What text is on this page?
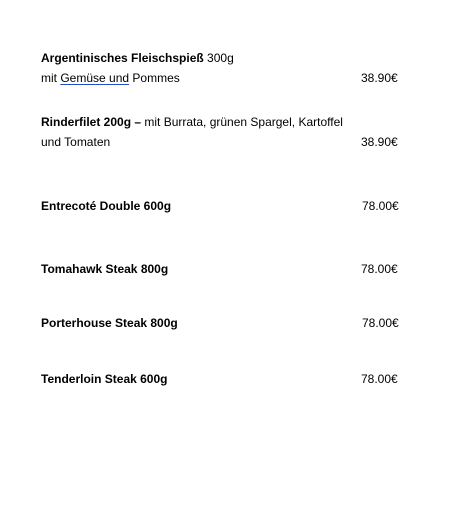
Argentinisches Fleischspieß 300g
mit Gemüse und Pommes	38.90€
Rinderfilet 200g – mit Burrata, grünen Spargel, Kartoffel
und Tomaten	38.90€
Entrecoté Double 600g	78.00€
Tomahawk Steak 800g	78.00€
Porterhouse Steak 800g	78.00€
Tenderloin Steak 600g	78.00€
